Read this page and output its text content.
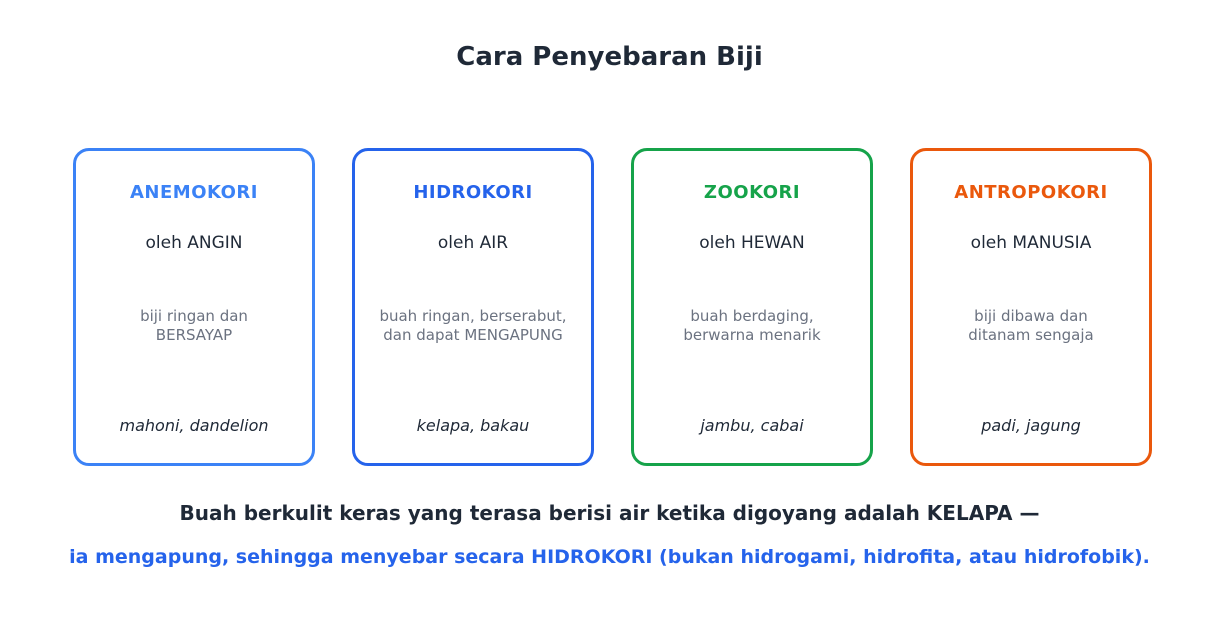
Cara Penyebaran Biji
ANEMOKORI
oleh ANGIN
biji ringan dan
BERSAYAP
mahoni, dandelion
HIDROKORI
oleh AIR
buah ringan, berserabut,
dan dapat MENGAPUNG
kelapa, bakau
ZOOKORI
oleh HEWAN
buah berdaging,
berwarna menarik
jambu, cabai
ANTROPOKORI
oleh MANUSIA
biji dibawa dan
ditanam sengaja
padi, jagung
Buah berkulit keras yang terasa berisi air ketika digoyang adalah KELAPA —
ia mengapung, sehingga menyebar secara HIDROKORI (bukan hidrogami, hidrofita, atau hidrofobik).
